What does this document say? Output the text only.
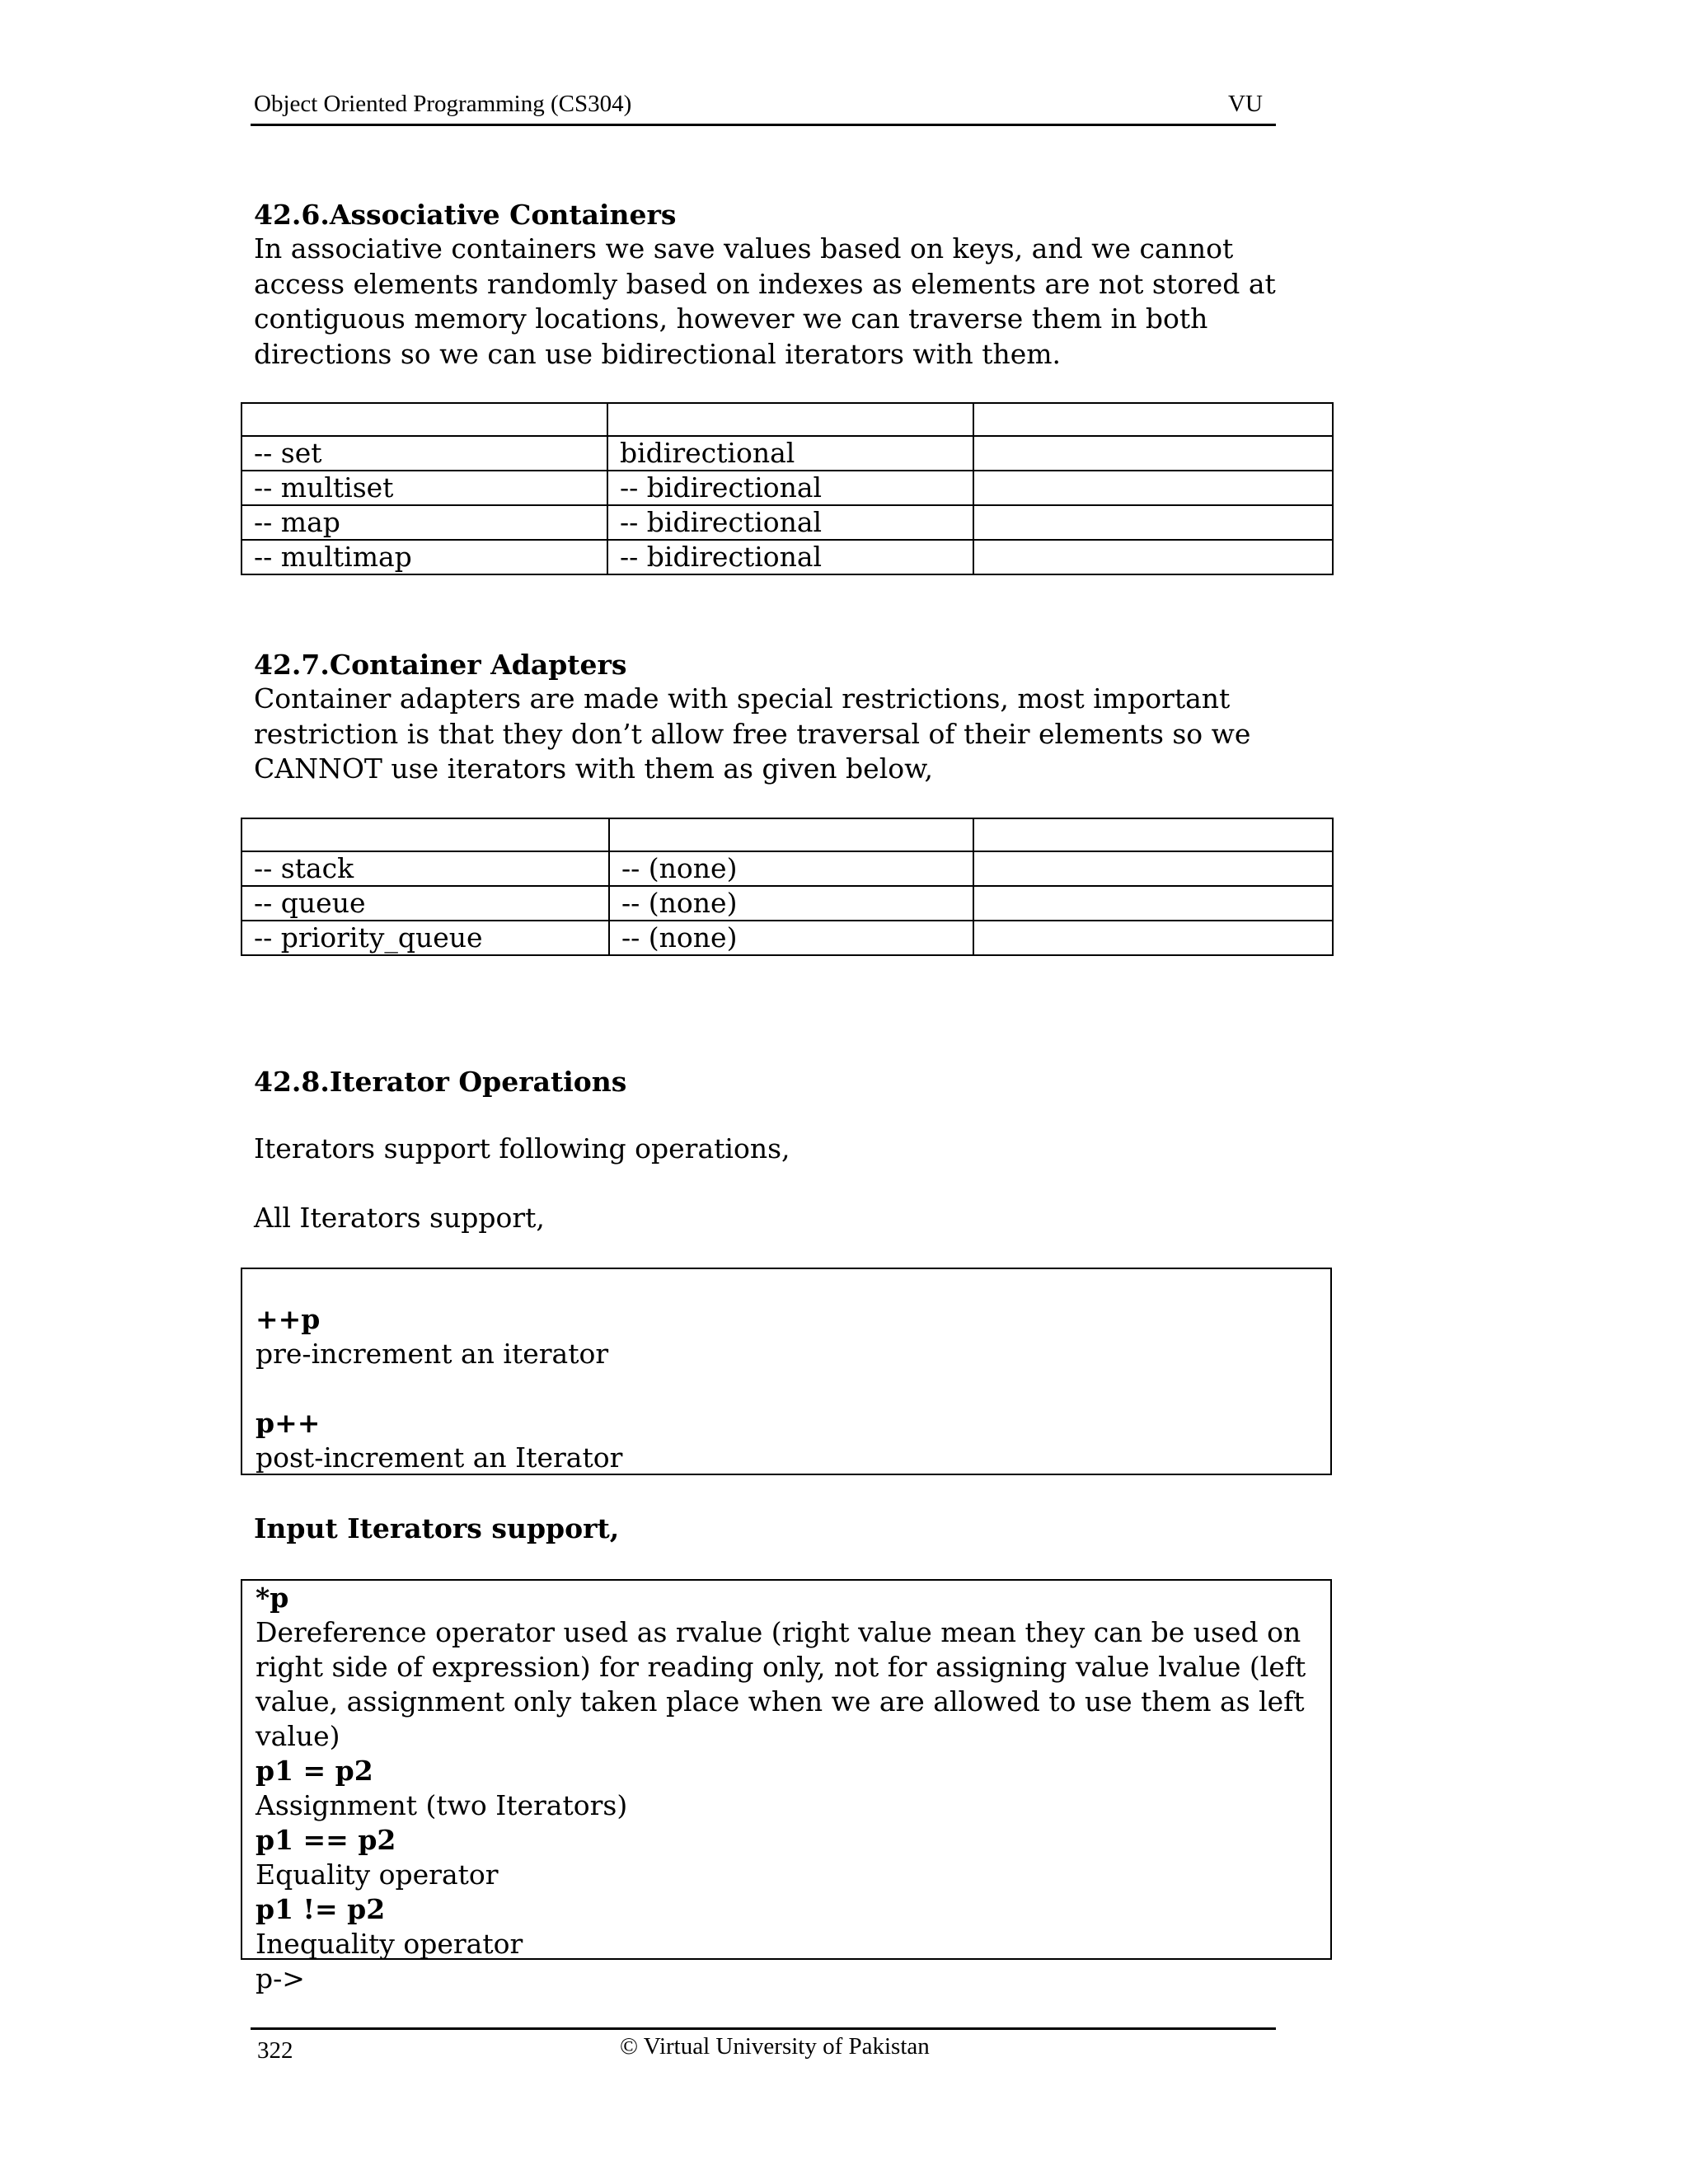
Object Oriented Programming (CS304)	VU
42.6.Associative Containers

In associative containers we save values based on keys, and we cannot access elements randomly based on indexes as elements are not stored at contiguous memory locations, however we can traverse them in both directions so we can use bidirectional iterators with them.

-- set	bidirectional	
-- multiset	-- bidirectional	
-- map	-- bidirectional	
-- multimap	-- bidirectional	
42.7.Container Adapters

Container adapters are made with special restrictions, most important restriction is that they don’t allow free traversal of their elements so we CANNOT use iterators with them as given below,

-- stack	-- (none)	
-- queue	-- (none)	
-- priority_queue	-- (none)	
42.8.Iterator Operations
Iterators support following operations,
All Iterators support,
++p
pre-increment an iterator
p++
post-increment an Iterator
Input Iterators support,
*p
Dereference operator used as rvalue (right value mean they can be used on right side of expression) for reading only, not for assigning value lvalue (left value, assignment only taken place when we are allowed to use them as left value)
p1 = p2
Assignment (two Iterators)
p1 == p2
Equality operator
p1 != p2
Inequality operator
p->
322	© Virtual University of Pakistan
